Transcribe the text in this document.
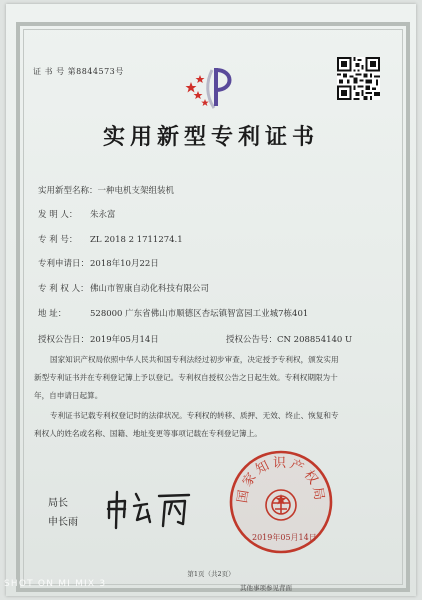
证 书 号 第8844573号
实用新型专利证书
实用新型名称：一种电机支架组装机
发 明 人： 朱永富
专 利 号： ZL 2018 2 1711274.1
专利申请日：2018年10月22日
专 利 权 人：佛山市智康自动化科技有限公司
地 址：	528000 广东省佛山市顺德区杏坛镇智富园工业城7栋401
授权公告日：2019年05月14日	授权公告号：CN 208854140 U
国家知识产权局依照中华人民共和国专利法经过初步审查，决定授予专利权，颁发实用
新型专利证书并在专利登记簿上予以登记。专利权自授权公告之日起生效。专利权期限为十
年，自申请日起算。
专利证书记载专利权登记时的法律状况。专利权的转移、质押、无效、终止、恢复和专
利权人的姓名或名称、国籍、地址变更等事项记载在专利登记簿上。
局长
申长雨
国家知识产权局
2019年05月14日
第1页（共2页）
其他事项参见背面
SHOT ON MI MIX 3
